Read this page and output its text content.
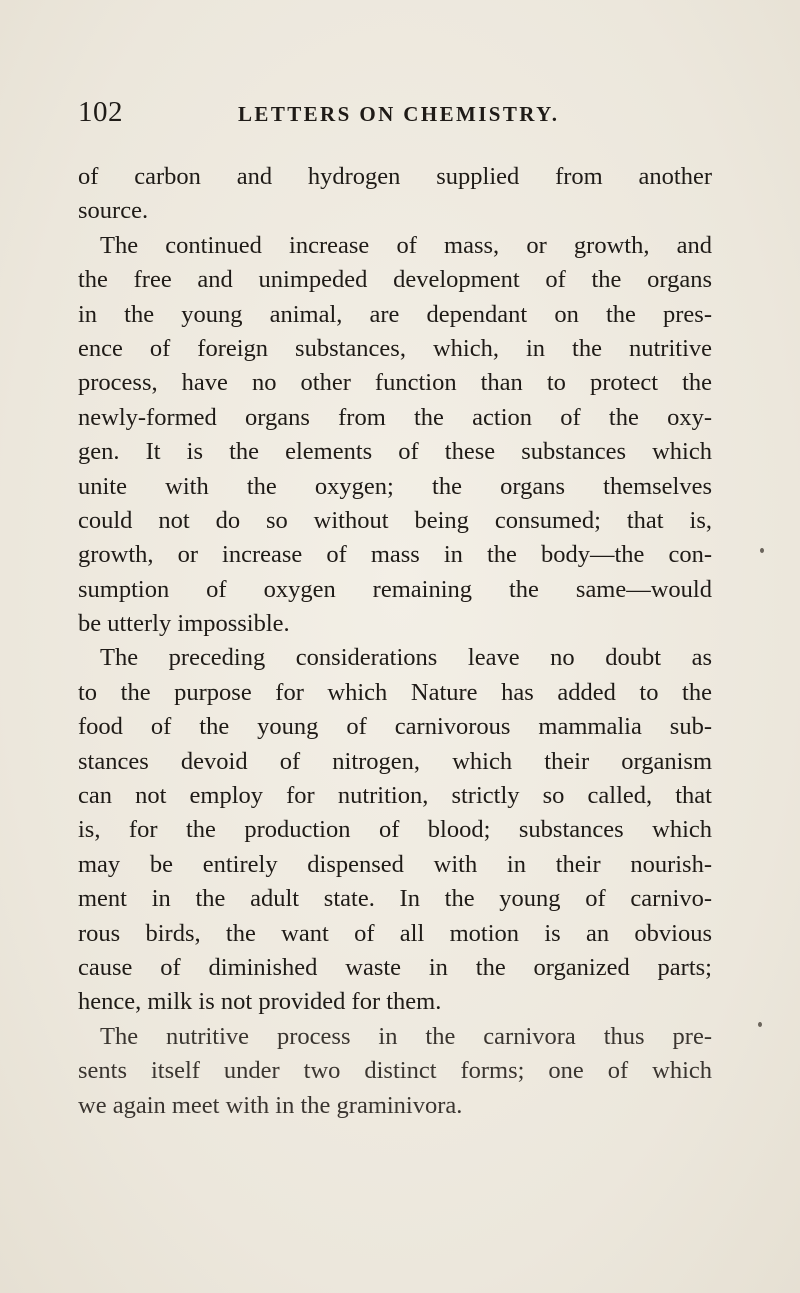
102	LETTERS ON CHEMISTRY.
of carbon and hydrogen supplied from another
source.
The continued increase of mass, or growth, and
the free and unimpeded development of the organs
in the young animal, are dependant on the pres-
ence of foreign substances, which, in the nutritive
process, have no other function than to protect the
newly-formed organs from the action of the oxy-
gen. It is the elements of these substances which
unite with the oxygen; the organs themselves
could not do so without being consumed; that is,
growth, or increase of mass in the body—the con-
sumption of oxygen remaining the same—would
be utterly impossible.
The preceding considerations leave no doubt as
to the purpose for which Nature has added to the
food of the young of carnivorous mammalia sub-
stances devoid of nitrogen, which their organism
can not employ for nutrition, strictly so called, that
is, for the production of blood; substances which
may be entirely dispensed with in their nourish-
ment in the adult state. In the young of carnivo-
rous birds, the want of all motion is an obvious
cause of diminished waste in the organized parts;
hence, milk is not provided for them.
The nutritive process in the carnivora thus pre-
sents itself under two distinct forms; one of which
we again meet with in the graminivora.
